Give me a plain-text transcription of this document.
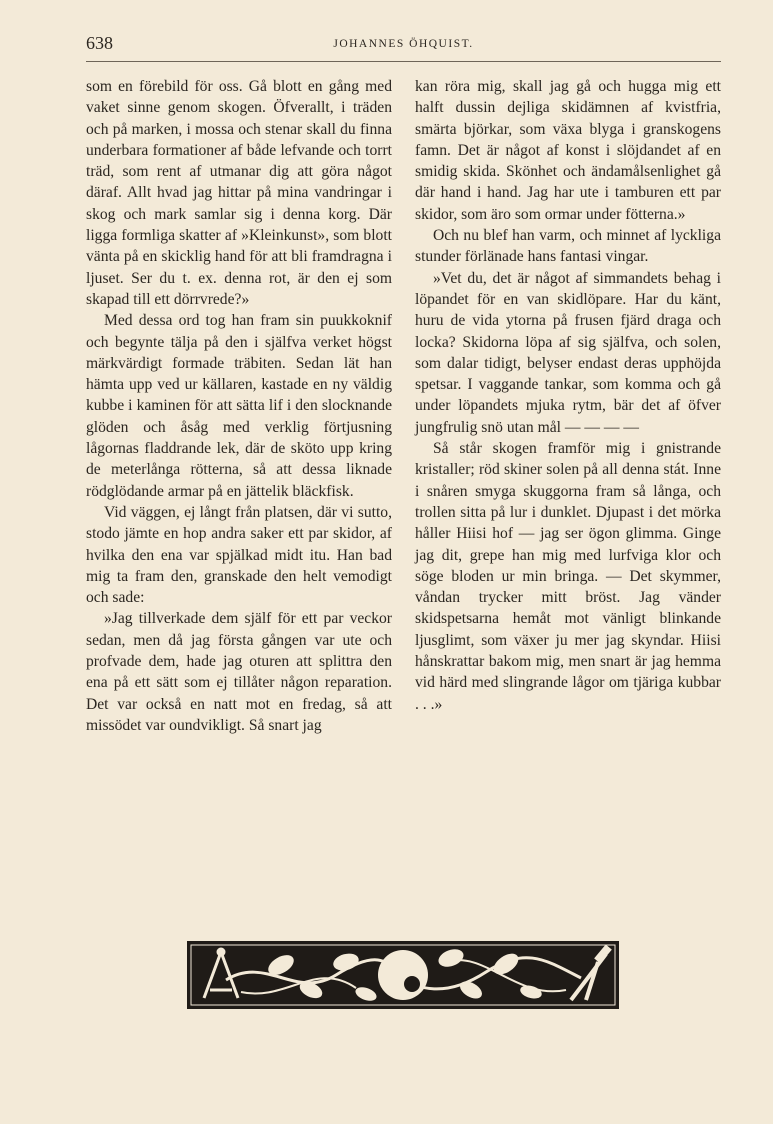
638	JOHANNES ÖHQUIST.

som en förebild för oss. Gå blott en gång med vaket sinne genom skogen. Öfverallt, i träden och på marken, i mossa och stenar skall du finna underbara formationer af både lefvande och torrt träd, som rent af utmanar dig att göra något däraf. Allt hvad jag hittar på mina vandringar i skog och mark samlar sig i denna korg. Där ligga formliga skatter af »Kleinkunst», som blott vänta på en skicklig hand för att bli framdragna i ljuset. Ser du t. ex. denna rot, är den ej som skapad till ett dörrvrede?»

Med dessa ord tog han fram sin puukkoknif och begynte tälja på den i själfva verket högst märkvärdigt formade träbiten. Sedan lät han hämta upp ved ur källaren, kastade en ny väldig kubbe i kaminen för att sätta lif i den slocknande glöden och åsåg med verklig förtjusning lågornas fladdrande lek, där de sköto upp kring de meterlånga rötterna, så att dessa liknade rödglödande armar på en jättelik bläckfisk.

Vid väggen, ej långt från platsen, där vi sutto, stodo jämte en hop andra saker ett par skidor, af hvilka den ena var spjälkad midt itu. Han bad mig ta fram den, granskade den helt vemodigt och sade:

»Jag tillverkade dem själf för ett par veckor sedan, men då jag första gången var ute och profvade dem, hade jag oturen att splittra den ena på ett sätt som ej tillåter någon reparation. Det var också en natt mot en fredag, så att missödet var oundvikligt. Så snart jag

kan röra mig, skall jag gå och hugga mig ett halft dussin dejliga skidämnen af kvistfria, smärta björkar, som växa blyga i granskogens famn. Det är något af konst i slöjdandet af en smidig skida. Skönhet och ändamålsenlighet gå där hand i hand. Jag har ute i tamburen ett par skidor, som äro som ormar under fötterna.»

Och nu blef han varm, och minnet af lyckliga stunder förlänade hans fantasi vingar.

»Vet du, det är något af simmandets behag i löpandet för en van skidlöpare. Har du känt, huru de vida ytorna på frusen fjärd draga och locka? Skidorna löpa af sig själfva, och solen, som dalar tidigt, belyser endast deras upphöjda spetsar. I vaggande tankar, som komma och gå under löpandets mjuka rytm, bär det af öfver jungfrulig snö utan mål — — — —

Så står skogen framför mig i gnistrande kristaller; röd skiner solen på all denna stát. Inne i snåren smyga skuggorna fram så långa, och trollen sitta på lur i dunklet. Djupast i det mörka håller Hiisi hof — jag ser ögon glimma. Ginge jag dit, grepe han mig med lurfviga klor och söge bloden ur min bringa. — Det skymmer, våndan trycker mitt bröst. Jag vänder skidspetsarna hemåt mot vänligt blinkande ljusglimt, som växer ju mer jag skyndar. Hiisi hånskrattar bakom mig, men snart är jag hemma vid härd med slingrande lågor om tjäriga kubbar . . .»
